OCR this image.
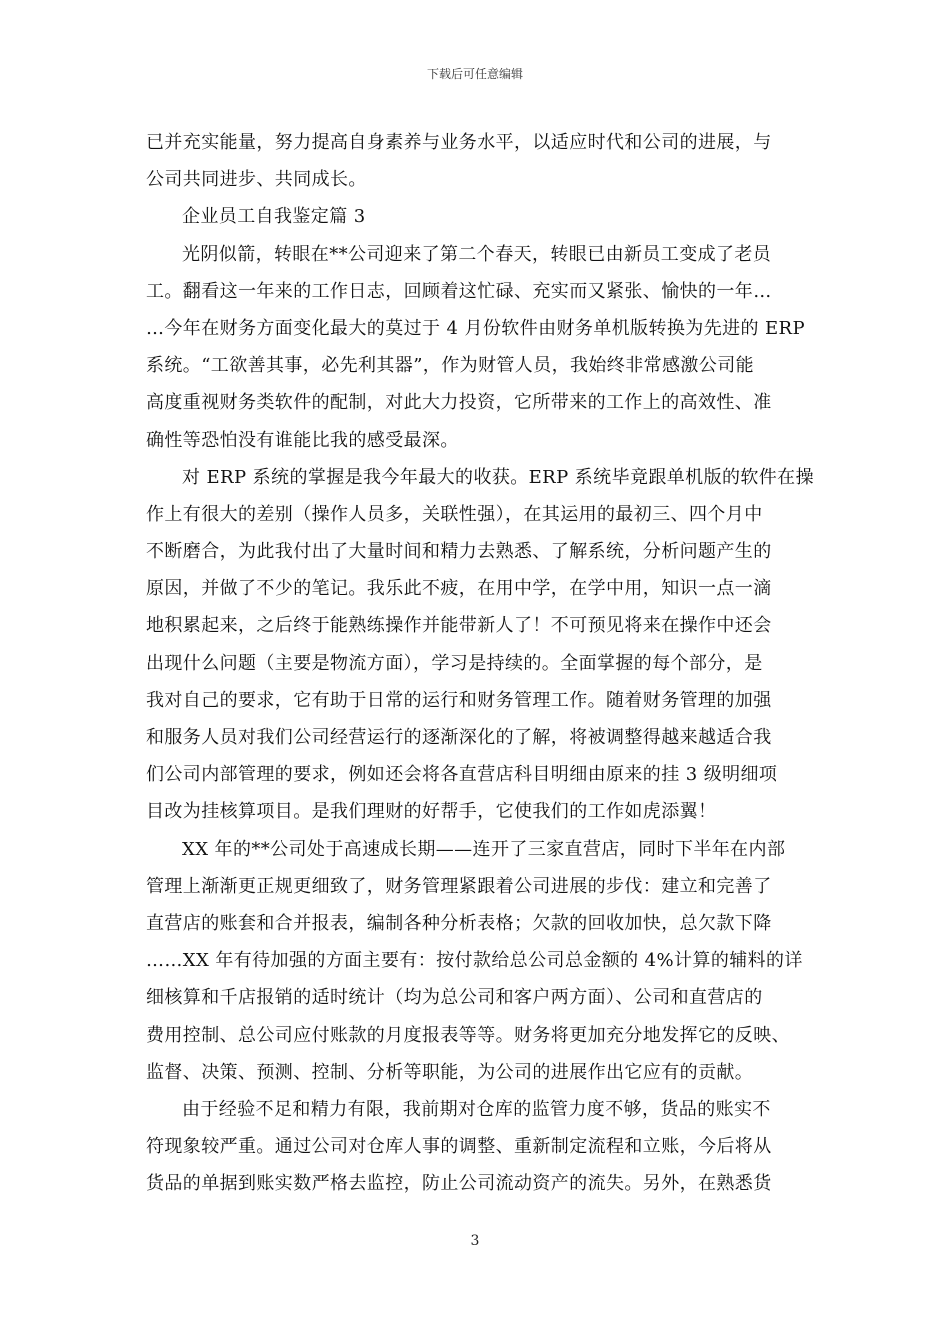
下载后可任意编辑
已并充实能量，努力提高自身素养与业务水平，以适应时代和公司的进展，与
公司共同进步、共同成长。
企业员工自我鉴定篇 3
光阴似箭，转眼在**公司迎来了第二个春天，转眼已由新员工变成了老员
工。翻看这一年来的工作日志，回顾着这忙碌、充实而又紧张、愉快的一年…
…今年在财务方面变化最大的莫过于 4 月份软件由财务单机版转换为先进的 ERP
系统。“工欲善其事，必先利其器”，作为财管人员，我始终非常感激公司能
高度重视财务类软件的配制，对此大力投资，它所带来的工作上的高效性、准
确性等恐怕没有谁能比我的感受最深。
对 ERP 系统的掌握是我今年最大的收获。ERP 系统毕竟跟单机版的软件在操
作上有很大的差别（操作人员多，关联性强），在其运用的最初三、四个月中
不断磨合，为此我付出了大量时间和精力去熟悉、了解系统，分析问题产生的
原因，并做了不少的笔记。我乐此不疲，在用中学，在学中用，知识一点一滴
地积累起来，之后终于能熟练操作并能带新人了！不可预见将来在操作中还会
出现什么问题（主要是物流方面），学习是持续的。全面掌握的每个部分，是
我对自己的要求，它有助于日常的运行和财务管理工作。随着财务管理的加强
和服务人员对我们公司经营运行的逐渐深化的了解，将被调整得越来越适合我
们公司内部管理的要求，例如还会将各直营店科目明细由原来的挂 3 级明细项
目改为挂核算项目。是我们理财的好帮手，它使我们的工作如虎添翼！
XX 年的**公司处于高速成长期——连开了三家直营店，同时下半年在内部
管理上渐渐更正规更细致了，财务管理紧跟着公司进展的步伐：建立和完善了
直营店的账套和合并报表，编制各种分析表格；欠款的回收加快，总欠款下降
……XX 年有待加强的方面主要有：按付款给总公司总金额的 4%计算的辅料的详
细核算和千店报销的适时统计（均为总公司和客户两方面）、公司和直营店的
费用控制、总公司应付账款的月度报表等等。财务将更加充分地发挥它的反映、
监督、决策、预测、控制、分析等职能，为公司的进展作出它应有的贡献。
由于经验不足和精力有限，我前期对仓库的监管力度不够，货品的账实不
符现象较严重。通过公司对仓库人事的调整、重新制定流程和立账，今后将从
货品的单据到账实数严格去监控，防止公司流动资产的流失。另外，在熟悉货
3
